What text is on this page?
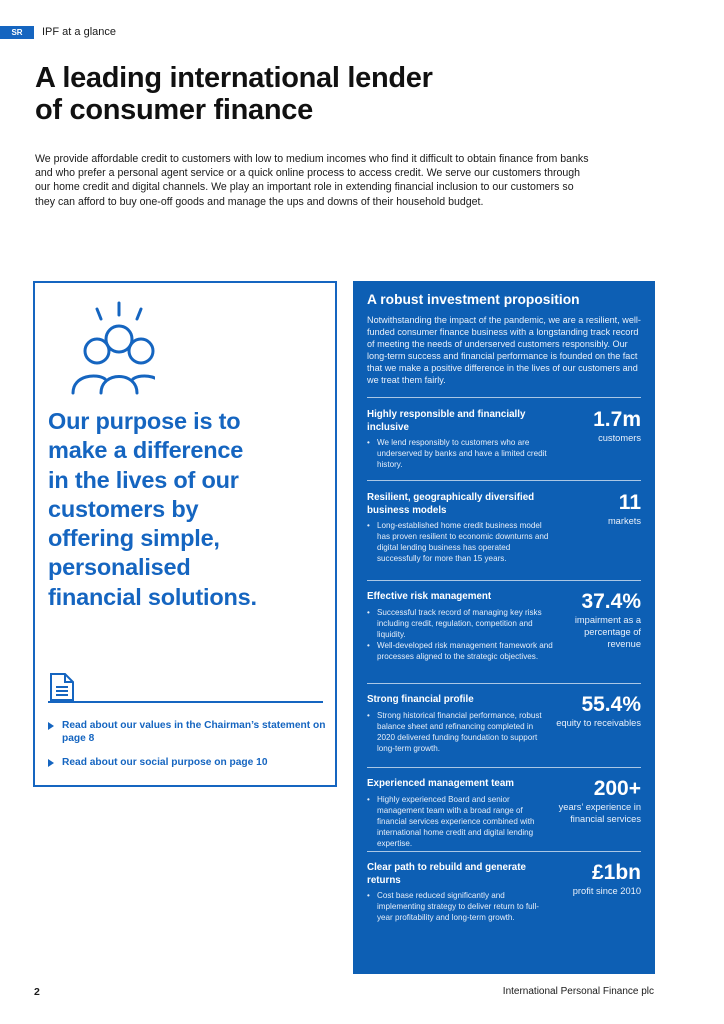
SR	IPF at a glance
A leading international lender
of consumer finance

We provide affordable credit to customers with low to medium incomes who find it difficult to obtain finance from banks and who prefer a personal agent service or a quick online process to access credit. We serve our customers through our home credit and digital channels. We play an important role in extending financial inclusion to our customers so they can afford to buy one-off goods and manage the ups and downs of their household budget.

Our purpose is to
make a difference
in the lives of our
customers by
offering simple,
personalised
financial solutions.
Read about our values in the Chairman’s statement on page 8
Read about our social purpose on page 10
A robust investment proposition
Notwithstanding the impact of the pandemic, we are a resilient, well-funded consumer finance business with a longstanding track record of meeting the needs of underserved customers responsibly. Our long-term success and financial performance is founded on the fact that we make a positive difference in the lives of our customers and we treat them fairly.
Highly responsible and financially inclusive
• We lend responsibly to customers who are underserved by banks and have a limited credit history.
1.7m
customers
Resilient, geographically diversified business models
• Long-established home credit business model has proven resilient to economic downturns and digital lending business has operated successfully for more than 15 years.
11
markets
Effective risk management
• Successful track record of managing key risks including credit, regulation, competition and liquidity.
• Well-developed risk management framework and processes aligned to the strategic objectives.
37.4%
impairment as a percentage of revenue
Strong financial profile
• Strong historical financial performance, robust balance sheet and refinancing completed in 2020 delivered funding foundation to support long-term growth.
55.4%
equity to receivables
Experienced management team
• Highly experienced Board and senior management team with a broad range of financial services experience combined with international home credit and digital lending expertise.
200+
years’ experience in financial services
Clear path to rebuild and generate returns
• Cost base reduced significantly and implementing strategy to deliver return to full-year profitability and long-term growth.
£1bn
profit since 2010
2	International Personal Finance plc
